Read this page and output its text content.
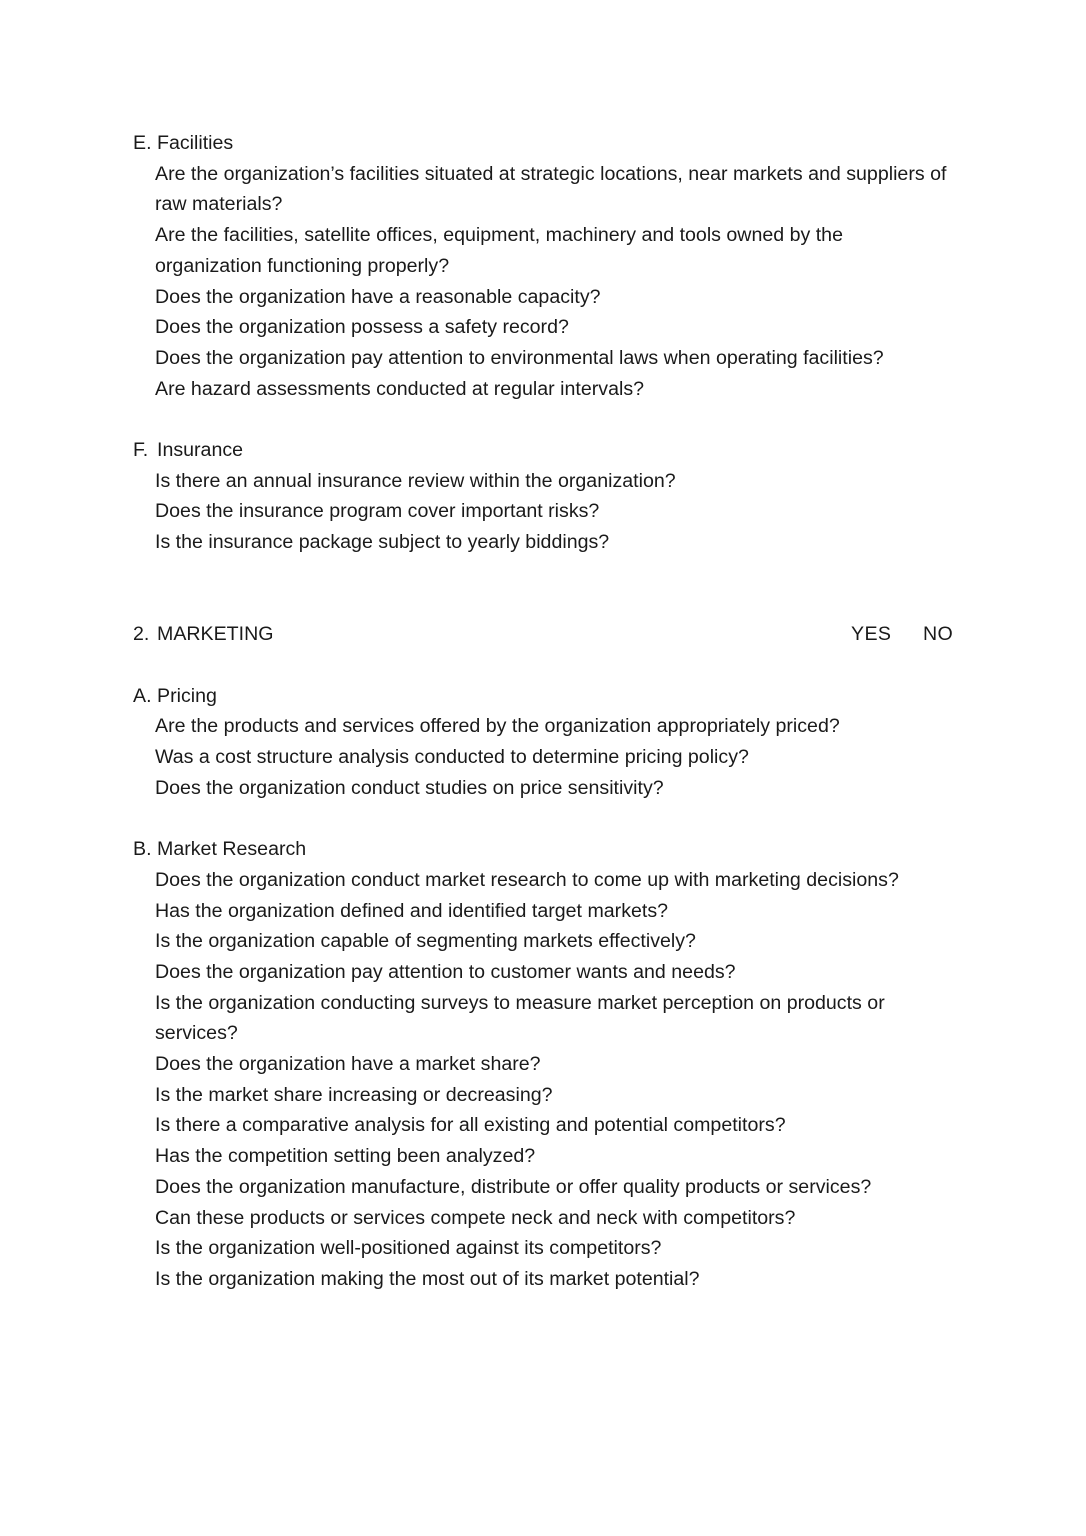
E. Facilities
Are the organization’s facilities situated at strategic locations, near markets and suppliers of raw materials?
Are the facilities, satellite offices, equipment, machinery and tools owned by the organization functioning properly?
Does the organization have a reasonable capacity?
Does the organization possess a safety record?
Does the organization pay attention to environmental laws when operating facilities?
Are hazard assessments conducted at regular intervals?
F. Insurance
Is there an annual insurance review within the organization?
Does the insurance program cover important risks?
Is the insurance package subject to yearly biddings?
2. MARKETING	YES NO
A. Pricing
Are the products and services offered by the organization appropriately priced?
Was a cost structure analysis conducted to determine pricing policy?
Does the organization conduct studies on price sensitivity?
B. Market Research
Does the organization conduct market research to come up with marketing decisions?
Has the organization defined and identified target markets?
Is the organization capable of segmenting markets effectively?
Does the organization pay attention to customer wants and needs?
Is the organization conducting surveys to measure market perception on products or services?
Does the organization have a market share?
Is the market share increasing or decreasing?
Is there a comparative analysis for all existing and potential competitors?
Has the competition setting been analyzed?
Does the organization manufacture, distribute or offer quality products or services?
Can these products or services compete neck and neck with competitors?
Is the organization well-positioned against its competitors?
Is the organization making the most out of its market potential?
